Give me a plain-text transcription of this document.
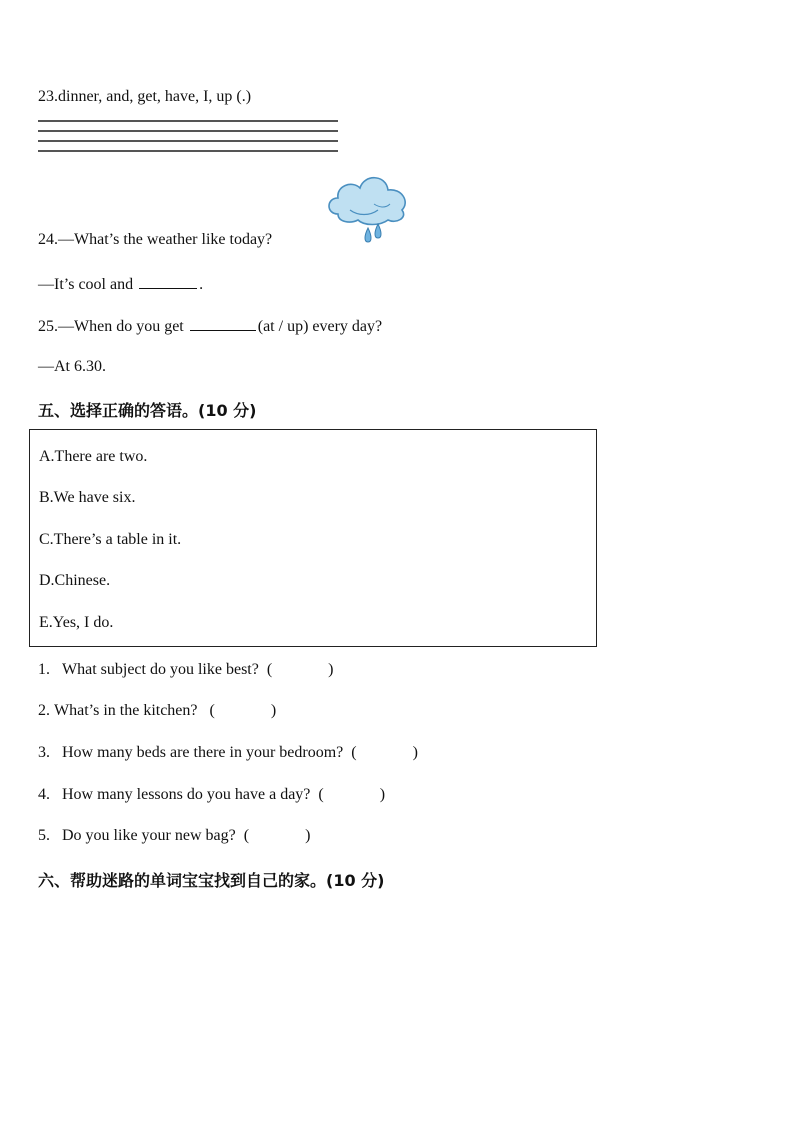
23.dinner, and, get, have, I, up (.)
24.—What’s the weather like today?
—It’s cool and	.
25.—When do you get	(at / up) every day?
—At 6.30.
五、选择正确的答语。(10 分)
A.There are two.
B.We have six.
C.There’s a table in it.
D.Chinese.
E.Yes, I do.
1. What subject do you like best? (	)
2. What’s in the kitchen? (	)
3. How many beds are there in your bedroom? (	)
4. How many lessons do you have a day? (	)
5. Do you like your new bag? (	)
六、帮助迷路的单词宝宝找到自己的家。(10 分)
